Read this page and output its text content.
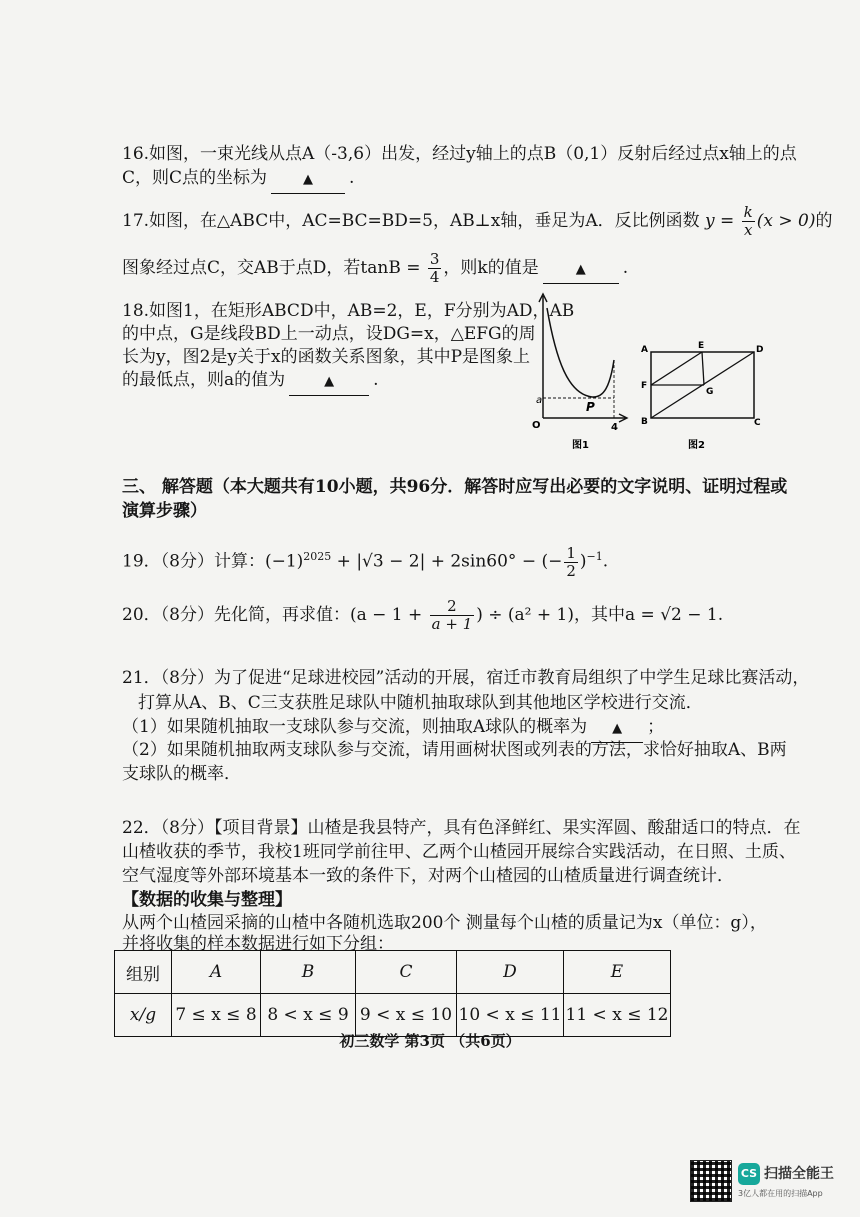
16.如图，一束光线从点A（-3,6）出发，经过y轴上的点B（0,1）反射后经过点x轴上的点
C，则C点的坐标为	▲ .
17.如图，在△ABC中，AC=BC=BD=5，AB⊥x轴，垂足为A．反比例函数 $y = \frac{k}{x} (x > 0)$的
图象经过点C，交AB于点D，若$\tan B = \frac{3}{4}$ ，则k的值是	▲ .
18.如图1，在矩形ABCD中，AB=2，E，F分别为AD，AB
的中点，G是线段BD上一动点，设DG=x，△EFG的周
长为y，图2是y关于x的函数关系图象，其中P是图象上
的最低点，则a的值为	▲ .
a	P
O	4
图1
A	E	D
F
G
B	C
图2
三、 解答题（本大题共有10小题，共96分．解答时应写出必要的文字说明、证明过程或
演算步骤）
19．（8分）计算：$(-1)^{2025} + |√3 - 2| + 2\sin 60^\circ$ − (− $\frac{1}{2} )^{-1}$.
20．（8分）先化简，再求值：($a - 1 + \frac{2}{a + 1}$ ) ÷ (a² + 1)，其中a = √2 − 1.
21．（8分）为了促进“足球进校园”活动的开展，宿迁市教育局组织了中学生足球比赛活动，
打算从A、B、C三支获胜足球队中随机抽取球队到其他地区学校进行交流．
（1）如果随机抽取一支球队参与交流，则抽取A球队的概率为 ▲ ；
（2）如果随机抽取两支球队参与交流，请用画树状图或列表的方法，求恰好抽取A、B两
支球队的概率．
22．（8分）【项目背景】山楂是我县特产，具有色泽鲜红、果实浑圆、酸甜适口的特点．在
山楂收获的季节，我校1班同学前往甲、乙两个山楂园开展综合实践活动，在日照、土质、
空气湿度等外部环境基本一致的条件下，对两个山楂园的山楂质量进行调查统计．
【数据的收集与整理】
从两个山楂园采摘的山楂中各随机选取200个 测量每个山楂的质量记为x（单位：g），
并将收集的样本数据进行如下分组：
组别	A	B	C	D	E
x/g	7 ≤ x ≤ 8	8 < x ≤ 9	9 < x ≤ 10	10 < x ≤ 11	11 < x ≤ 12
初三数学 第3页 （共6页）
CS 扫描全能王
3亿人都在用的扫描App
